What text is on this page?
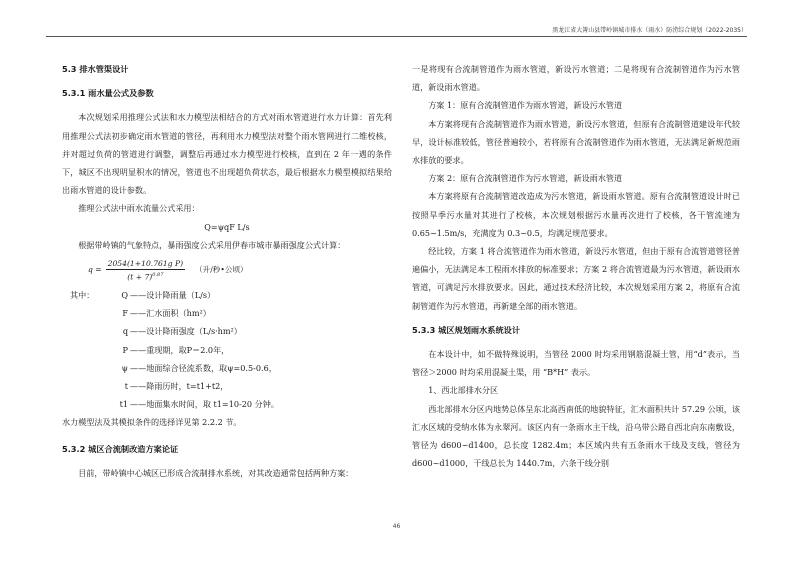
黑龙江省大箐山县带岭镇城市排水（雨水）防涝综合规划（2022-2035）
5.3 排水管渠设计
5.3.1 雨水量公式及参数

本次规划采用推理公式法和水力模型法相结合的方式对雨水管道进行水力计算：首先利用推理公式法初步确定雨水管道的管径，再利用水力模型法对整个雨水管网进行二维校核，并对超过负荷的管道进行调整，调整后再通过水力模型进行校核，直到在 2 年一遇的条件下，城区不出现明显积水的情况，管道也不出现超负荷状态，最后根据水力模型模拟结果给出雨水管道的设计参数。

推理公式法中雨水流量公式采用：

Q=ψqF L/s

根据带岭镇的气象特点，暴雨强度公式采用伊春市城市暴雨强度公式计算：

$q = \frac{\text{2054(1+10.761g P)}}{(t + 7)^{0.87}}$ （升/秒•公顷）
其中：	Q ——设计降雨量（L/s）
F ——汇水面积（hm²）
q ——设计降雨强度（L/s·hm²）
P ——重现期，取P＝2.0年，
ψ ——地面综合径流系数，取ψ=0.5-0.6，
t ——降雨历时，t=t1+t2，
t1 ——地面集水时间，取 t1=10-20 分钟。

水力模型法及其模拟条件的选择详见第 2.2.2 节。

5.3.2 城区合流制改造方案论证

目前，带岭镇中心城区已形成合流制排水系统，对其改造通常包括两种方案：

一是将现有合流制管道作为雨水管道，新设污水管道；二是将现有合流制管道作为污水管道，新设雨水管道。

方案 1：原有合流制管道作为雨水管道，新设污水管道

本方案将现有合流制管道作为雨水管道，新设污水管道，但原有合流制管道建设年代较早，设计标准较低，管径普遍较小，若将原有合流制管道作为雨水管道，无法满足新规范雨水排放的要求。

方案 2：原有合流制管道作为污水管道，新设雨水管道

本方案将原有合流制管道改造成为污水管道，新设雨水管道。原有合流制管道设计时已按照旱季污水量对其进行了校核，本次规划根据污水量再次进行了校核，各干管流速为 0.65~1.5m/s，充满度为 0.3~0.5，均满足规范要求。

经比较，方案 1 将合流管道作为雨水管道，新设污水管道，但由于原有合流管道管径普遍偏小，无法满足本工程雨水排放的标准要求；方案 2 将合流管道最为污水管道，新设雨水管道，可满足污水排放要求。因此，通过技术经济比较，本次规划采用方案 2，将原有合流制管道作为污水管道，再新建全部的雨水管道。

5.3.3 城区规划雨水系统设计

在本设计中，如不做特殊说明，当管径 2000 时均采用钢筋混凝土管，用“d”表示，当管径＞2000 时均采用混凝土渠，用 “B*H” 表示。

1、西北部排水分区

西北部排水分区内地势总体呈东北高西南低的地貌特征，汇水面积共计 57.29 公顷，该汇水区域的受纳水体为永翠河。该区内有一条雨水主干线，沿乌带公路自西北向东南敷设，管径为 d600~d1400，总长度 1282.4m；本区域内共有五条雨水干线及支线，管径为 d600~d1000，干线总长为 1440.7m，六条干线分别

46
